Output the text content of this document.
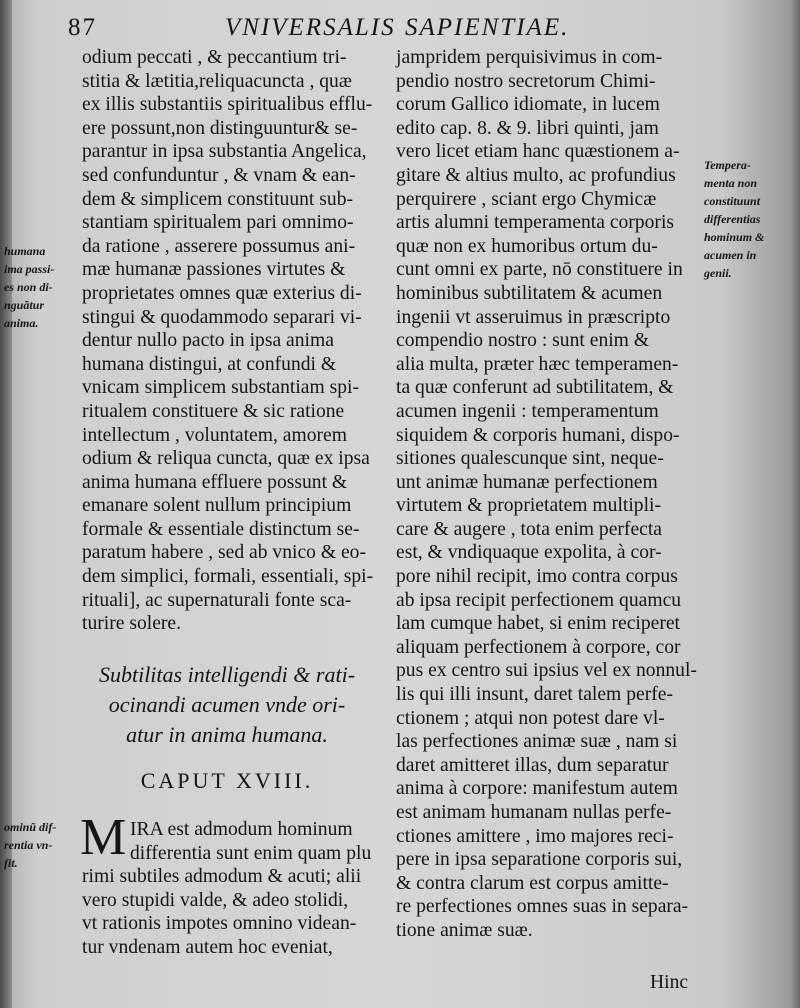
87	VNIVERSALIS SAPIENTIAE.
odium peccati , & peccantium tri-
stitia & lætitia,reliquacuncta , quæ
ex illis substantiis spiritualibus efflu-
ere possunt,non distinguuntur& se-
parantur in ipsa substantia Angelica,
sed confunduntur , & vnam & ean-
dem & simplicem constituunt sub-
stantiam spiritualem pari omnimo-
da ratione , asserere possumus ani-
mæ humanæ passiones virtutes &
proprietates omnes quæ exterius di-
stingui & quodammodo separari vi-
dentur nullo pacto in ipsa anima
humana distingui, at confundi &
vnicam simplicem substantiam spi-
ritualem constituere & sic ratione
intellectum , voluntatem, amorem
odium & reliqua cuncta, quæ ex ipsa
anima humana effluere possunt &
emanare solent nullum principium
formale & essentiale distinctum se-
paratum habere , sed ab vnico & eo-
dem simplici, formali, essentiali, spi-
rituali], ac supernaturali fonte sca-
turire solere.
jampridem perquisivimus in com-
pendio nostro secretorum Chimi-
corum Gallico idiomate, in lucem
edito cap. 8. & 9. libri quinti, jam
vero licet etiam hanc quæstionem a-
gitare & altius multo, ac profundius
perquirere , sciant ergo Chymicæ
artis alumni temperamenta corporis
quæ non ex humoribus ortum du-
cunt omni ex parte, nō constituere in
hominibus subtilitatem & acumen
ingenii vt asseruimus in præscripto
compendio nostro : sunt enim &
alia multa, præter hæc temperamen-
ta quæ conferunt ad subtilitatem, &
acumen ingenii : temperamentum
siquidem & corporis humani, dispo-
sitiones qualescunque sint, neque-
unt animæ humanæ perfectionem
virtutem & proprietatem multipli-
care & augere , tota enim perfecta
est, & vndiquaque expolita, à cor-
pore nihil recipit, imo contra corpus
ab ipsa recipit perfectionem quamcu
lam cumque habet, si enim reciperet
aliquam perfectionem à corpore, cor
pus ex centro sui ipsius vel ex nonnul-
lis qui illi insunt, daret talem perfe-
ctionem ; atqui non potest dare vl-
las perfectiones animæ suæ , nam si
daret amitteret illas, dum separatur
anima à corpore: manifestum autem
est animam humanam nullas perfe-
ctiones amittere , imo majores reci-
pere in ipsa separatione corporis sui,
& contra clarum est corpus amitte-
re perfectiones omnes suas in separa-
tione animæ suæ.
humana
ima passi-
es non di-
nguãtur
anima.
Tempera-
menta non
constituunt
differentias
hominum &
acumen in
genii.
ominũ dif-
rentia vn-
fit.
Subtilitas intelligendi & rati-
ocinandi acumen vnde ori-
atur in anima humana.
CAPUT XVIII.
M IRA est admodum hominum
differentia sunt enim quam plu
rimi subtiles admodum & acuti; alii
vero stupidi valde, & adeo stolidi,
vt rationis impotes omnino videan-
tur vndenam autem hoc eveniat,
Hinc
